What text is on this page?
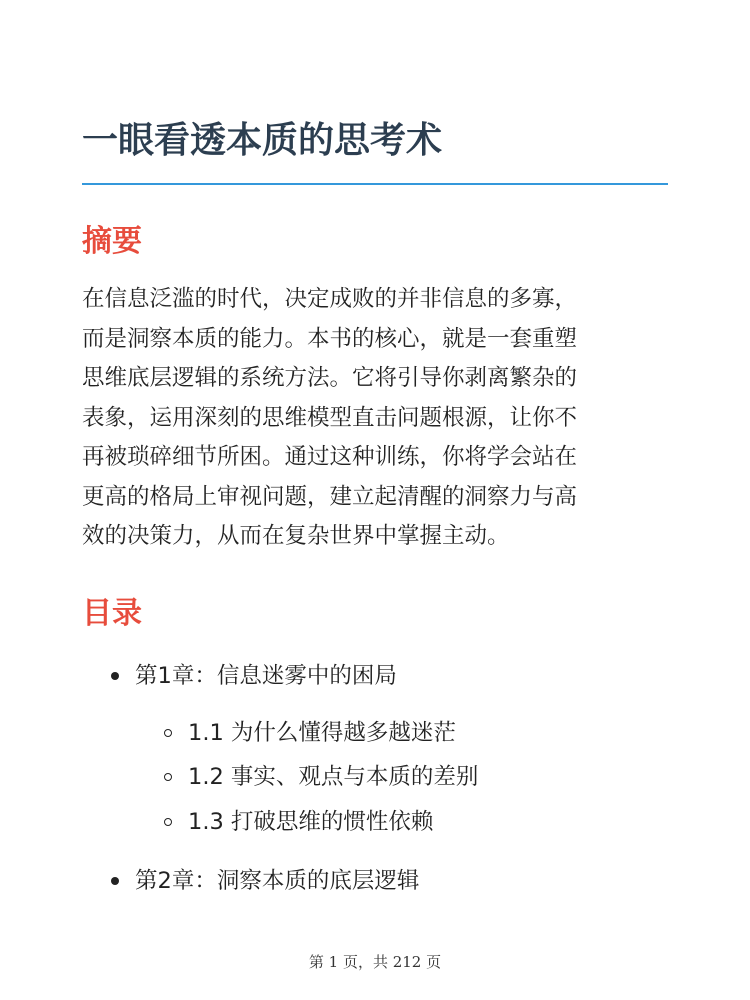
一眼看透本质的思考术
摘要

在信息泛滥的时代，决定成败的并非信息的多寡，
而是洞察本质的能力。本书的核心，就是一套重塑
思维底层逻辑的系统方法。它将引导你剥离繁杂的
表象，运用深刻的思维模型直击问题根源，让你不
再被琐碎细节所困。通过这种训练，你将学会站在
更高的格局上审视问题，建立起清醒的洞察力与高
效的决策力，从而在复杂世界中掌握主动。

目录
第1章：信息迷雾中的困局
1.1 为什么懂得越多越迷茫
1.2 事实、观点与本质的差别
1.3 打破思维的惯性依赖
第2章：洞察本质的底层逻辑
第 1 页，共 212 页
